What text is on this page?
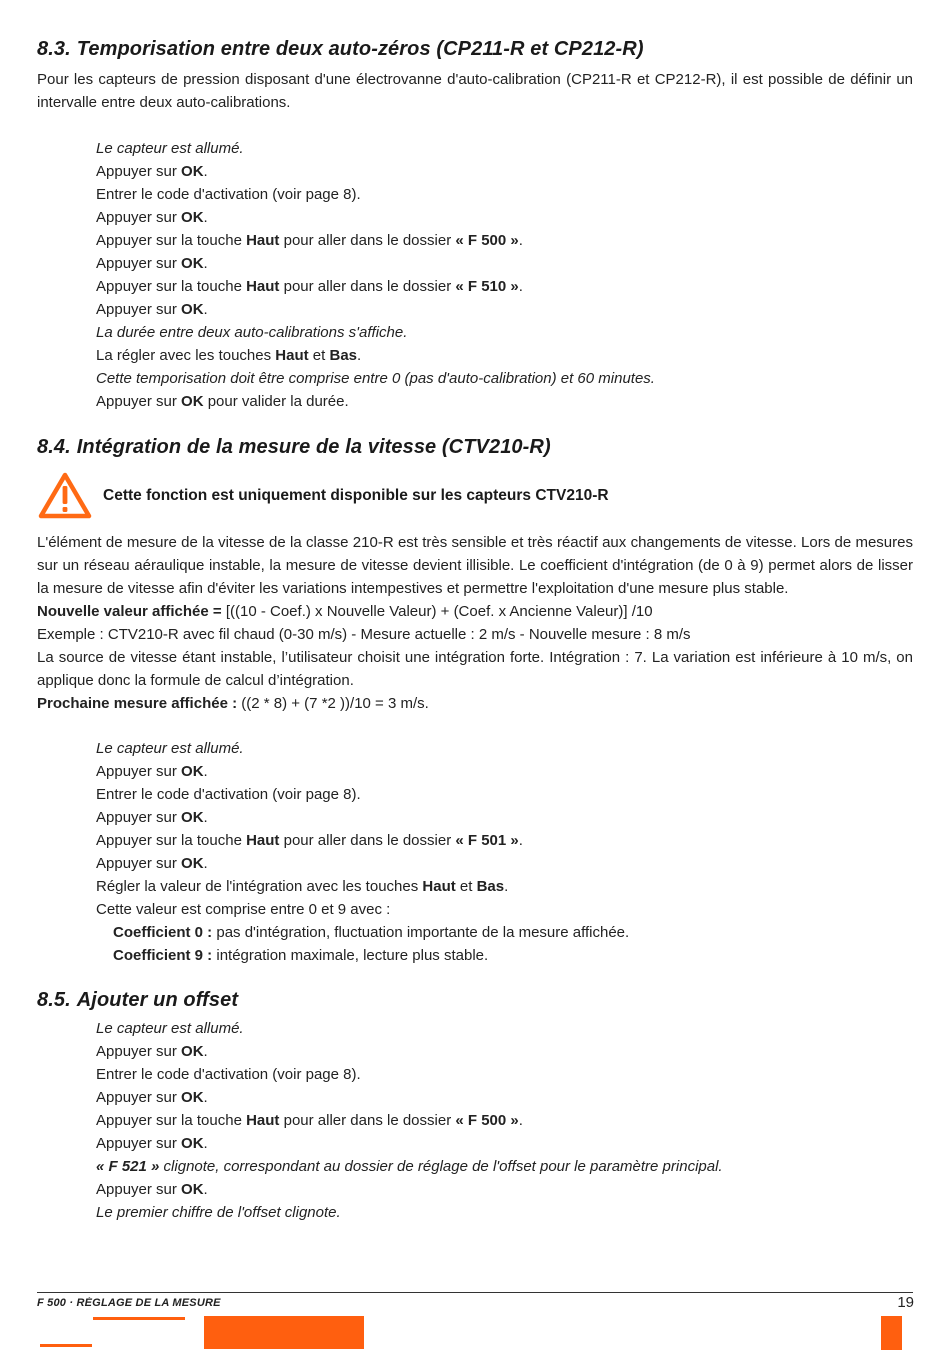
8.3. Temporisation entre deux auto-zéros (CP211-R et CP212-R)

Pour les capteurs de pression disposant d'une électrovanne d'auto-calibration (CP211-R et CP212-R), il est possible de définir un intervalle entre deux auto-calibrations.

Le capteur est allumé.
Appuyer sur OK.
Entrer le code d'activation (voir page 8).
Appuyer sur OK.
Appuyer sur la touche Haut pour aller dans le dossier « F 500 ».
Appuyer sur OK.
Appuyer sur la touche Haut pour aller dans le dossier « F 510 ».
Appuyer sur OK.
La durée entre deux auto-calibrations s'affiche.
La régler avec les touches Haut et Bas.
Cette temporisation doit être comprise entre 0 (pas d'auto-calibration) et 60 minutes.
Appuyer sur OK pour valider la durée.
8.4. Intégration de la mesure de la vitesse (CTV210-R)
Cette fonction est uniquement disponible sur les capteurs CTV210-R

L'élément de mesure de la vitesse de la classe 210-R est très sensible et très réactif aux changements de vitesse. Lors de mesures sur un réseau aéraulique instable, la mesure de vitesse devient illisible. Le coefficient d'intégration (de 0 à 9) permet alors de lisser la mesure de vitesse afin d'éviter les variations intempestives et permettre l'exploitation d'une mesure plus stable.

Nouvelle valeur affichée = [((10 - Coef.) x Nouvelle Valeur) + (Coef. x Ancienne Valeur)] /10

Exemple : CTV210-R avec fil chaud (0-30 m/s) - Mesure actuelle : 2 m/s - Nouvelle mesure : 8 m/s

La source de vitesse étant instable, l’utilisateur choisit une intégration forte. Intégration : 7. La variation est inférieure à 10 m/s, on applique donc la formule de calcul d’intégration.

Prochaine mesure affichée : ((2 * 8) + (7 *2 ))/10 = 3 m/s.

Le capteur est allumé.
Appuyer sur OK.
Entrer le code d'activation (voir page 8).
Appuyer sur OK.
Appuyer sur la touche Haut pour aller dans le dossier « F 501 ».
Appuyer sur OK.
Régler la valeur de l'intégration avec les touches Haut et Bas.
Cette valeur est comprise entre 0 et 9 avec :
Coefficient 0 : pas d'intégration, fluctuation importante de la mesure affichée.
Coefficient 9 : intégration maximale, lecture plus stable.
8.5. Ajouter un offset
Le capteur est allumé.
Appuyer sur OK.
Entrer le code d'activation (voir page 8).
Appuyer sur OK.
Appuyer sur la touche Haut pour aller dans le dossier « F 500 ».
Appuyer sur OK.
« F 521 » clignote, correspondant au dossier de réglage de l'offset pour le paramètre principal.
Appuyer sur OK.
Le premier chiffre de l'offset clignote.
F 500 · RÉGLAGE DE LA MESURE	19
